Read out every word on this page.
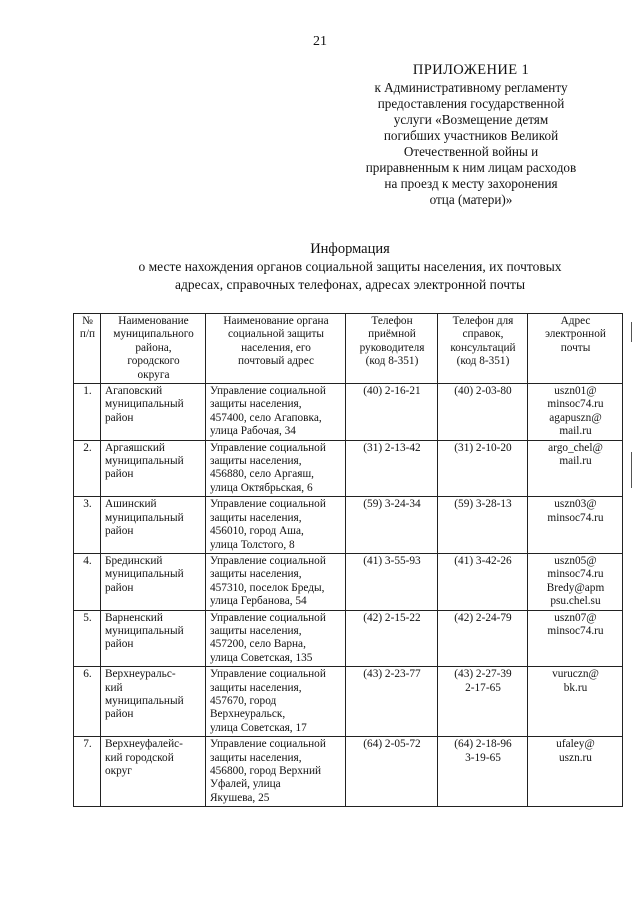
21
ПРИЛОЖЕНИЕ 1
к Административному регламенту
предоставления государственной
услуги «Возмещение детям
погибших участников Великой
Отечественной войны и
приравненным к ним лицам расходов
на проезд к месту захоронения
отца (матери)»
Информация
о месте нахождения органов социальной защиты населения, их почтовых
адресах, справочных телефонах, адресах электронной почты
№
п/п	Наименование
муниципального
района,
городского
округа	Наименование органа
социальной защиты
населения, его
почтовый адрес	Телефон
приёмной
руководителя
(код 8-351)	Телефон для
справок,
консультаций
(код 8-351)	Адрес
электронной
почты

1.	Агаповский
муниципальный
район	Управление социальной
защиты населения,
457400, село Агаповка,
улица Рабочая, 34	(40) 2-16-21	(40) 2-03-80	uszn01@
minsoc74.ru
agapuszn@
mail.ru

2.	Аргаяшский
муниципальный
район	Управление социальной
защиты населения,
456880, село Аргаяш,
улица Октябрьская, 6	(31) 2-13-42	(31) 2-10-20	argo_chel@
mail.ru

3.	Ашинский
муниципальный
район	Управление социальной
защиты населения,
456010, город Аша,
улица Толстого, 8	(59) 3-24-34	(59) 3-28-13	uszn03@
minsoc74.ru

4.	Брединский
муниципальный
район	Управление социальной
защиты населения,
457310, поселок Бреды,
улица Гербанова, 54	(41) 3-55-93	(41) 3-42-26	uszn05@
minsoc74.ru
Bredy@apm
psu.chel.su

5.	Варненский
муниципальный
район	Управление социальной
защиты населения,
457200, село Варна,
улица Советская, 135	(42) 2-15-22	(42) 2-24-79	uszn07@
minsoc74.ru

6.	Верхнеуральс-
кий
муниципальный
район	Управление социальной
защиты населения,
457670, город
Верхнеуральск,
улица Советская, 17	(43) 2-23-77	(43) 2-27-39
2-17-65	vuruczn@
bk.ru

7.	Верхнеуфалейс-
кий городской
округ	Управление социальной
защиты населения,
456800, город Верхний
Уфалей, улица
Якушева, 25	(64) 2-05-72	(64) 2-18-96
3-19-65	ufaley@
uszn.ru
